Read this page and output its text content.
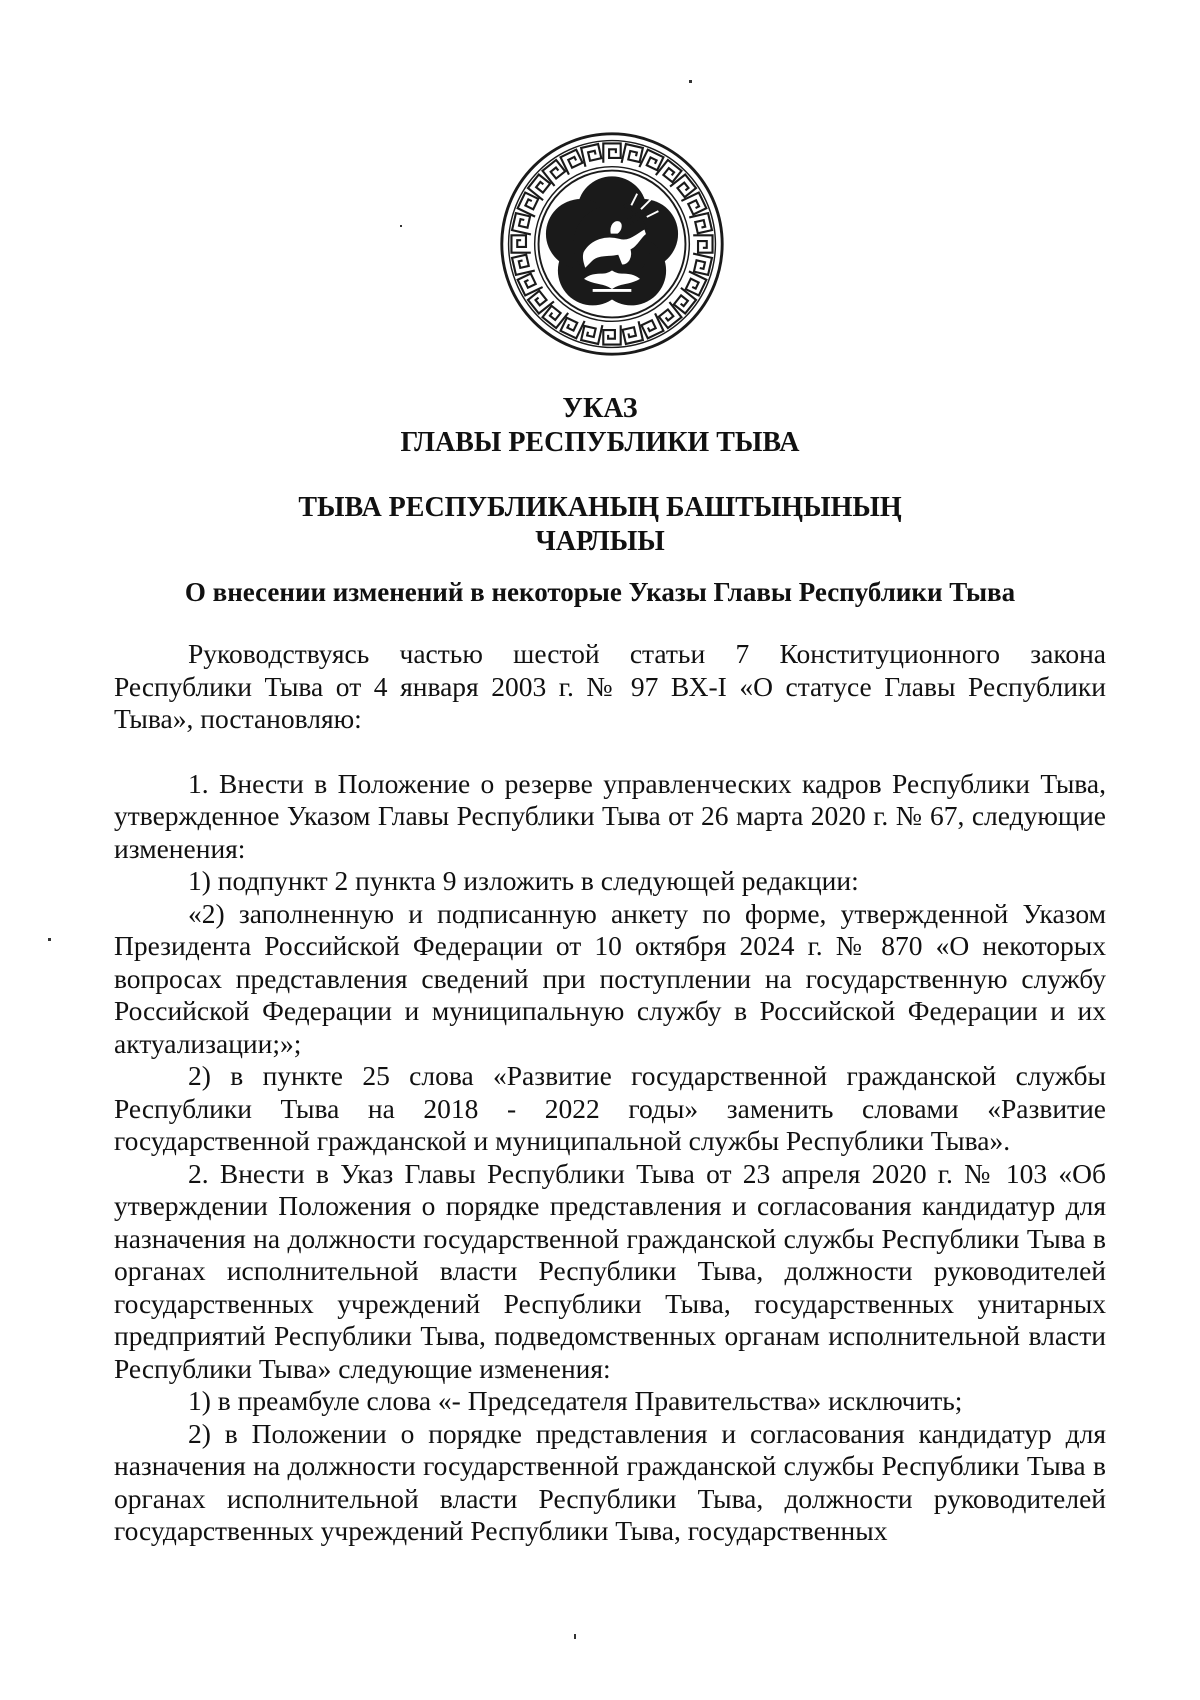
УКАЗ
ГЛАВЫ РЕСПУБЛИКИ ТЫВА
ТЫВА РЕСПУБЛИКАНЫҢ БАШТЫҢЫНЫҢ
ЧАРЛЫЫ
О внесении изменений в некоторые Указы Главы Республики Тыва

Руководствуясь частью шестой статьи 7 Конституционного закона Республики Тыва от 4 января 2003 г. № 97 ВХ-I «О статусе Главы Республики Тыва», постановляю:

1. Внести в Положение о резерве управленческих кадров Республики Тыва, утвержденное Указом Главы Республики Тыва от 26 марта 2020 г. № 67, следующие изменения:

1) подпункт 2 пункта 9 изложить в следующей редакции:

«2) заполненную и подписанную анкету по форме, утвержденной Указом Президента Российской Федерации от 10 октября 2024 г. № 870 «О некоторых вопросах представления сведений при поступлении на государственную службу Российской Федерации и муниципальную службу в Российской Федерации и их актуализации;»;

2) в пункте 25 слова «Развитие государственной гражданской службы Республики Тыва на 2018 - 2022 годы» заменить словами «Развитие государственной гражданской и муниципальной службы Республики Тыва».

2. Внести в Указ Главы Республики Тыва от 23 апреля 2020 г. № 103 «Об утверждении Положения о порядке представления и согласования кандидатур для назначения на должности государственной гражданской службы Республики Тыва в органах исполнительной власти Республики Тыва, должности руководителей государственных учреждений Республики Тыва, государственных унитарных предприятий Республики Тыва, подведомственных органам исполнительной власти Республики Тыва» следующие изменения:

1) в преамбуле слова «- Председателя Правительства» исключить;

2) в Положении о порядке представления и согласования кандидатур для назначения на должности государственной гражданской службы Республики Тыва в органах исполнительной власти Республики Тыва, должности руководителей государственных учреждений Республики Тыва, государственных
